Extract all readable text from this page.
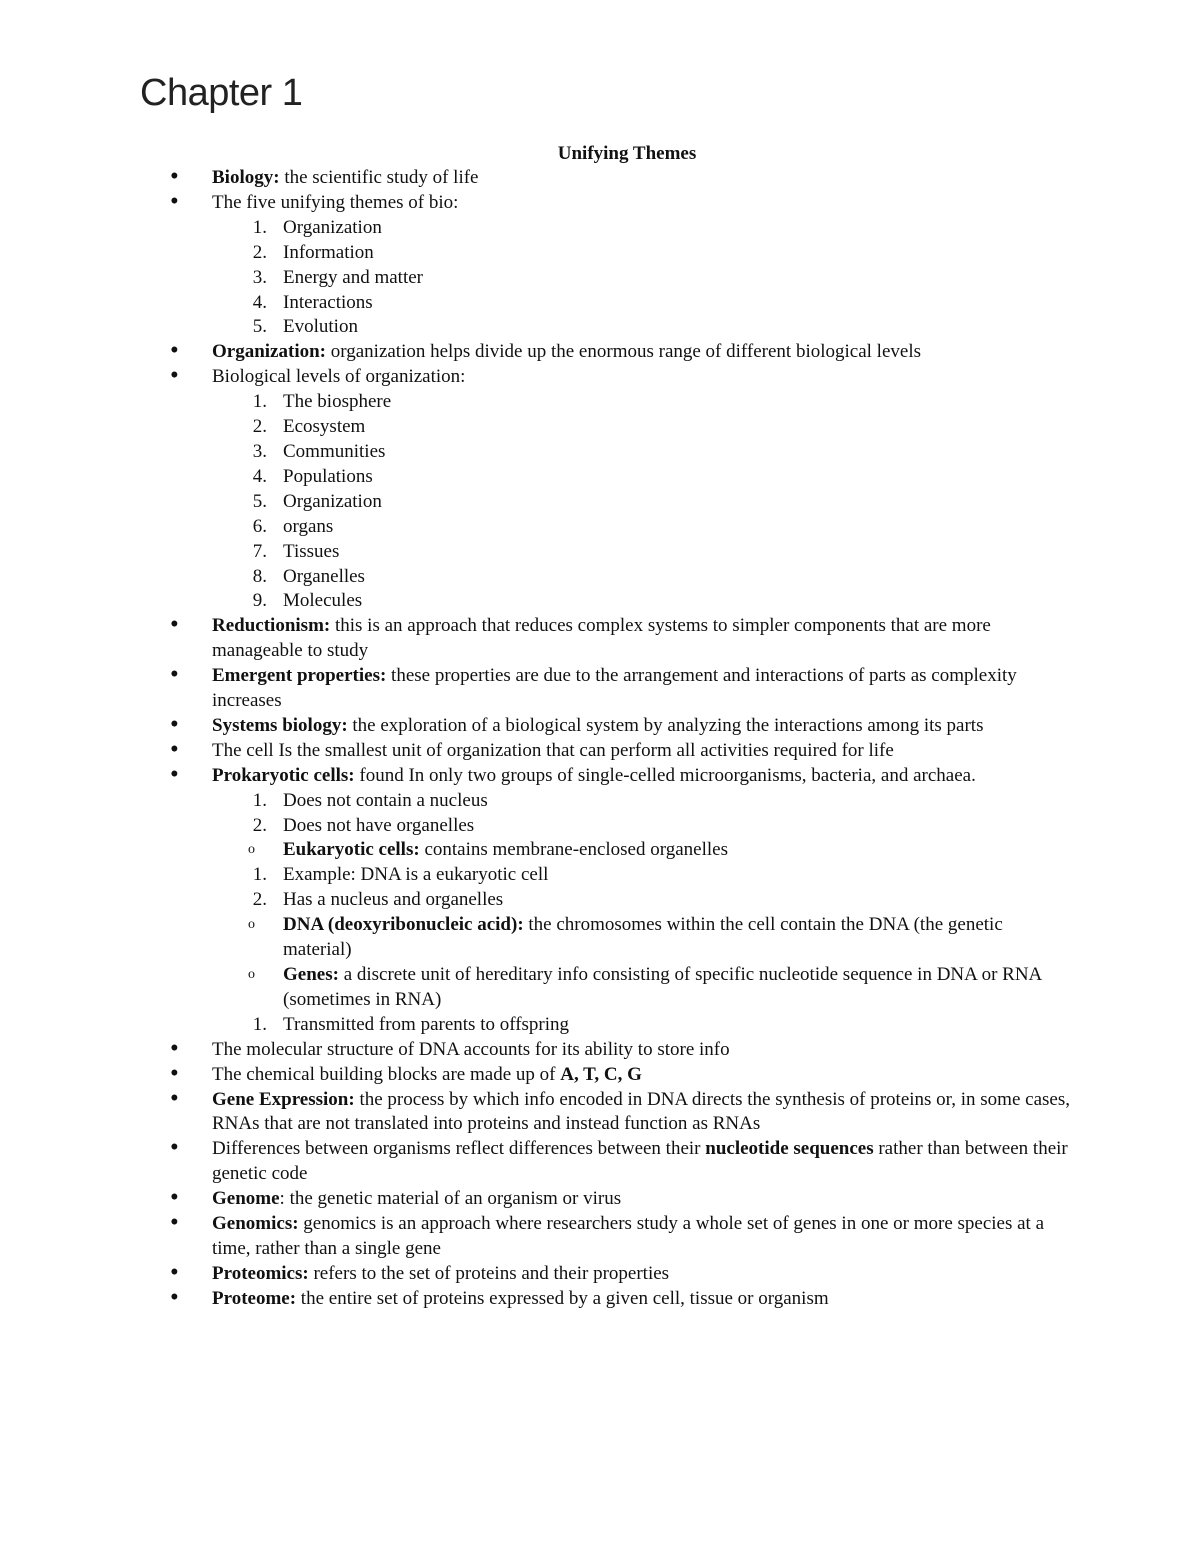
Chapter 1
Unifying Themes
• Biology: the scientific study of life
• The five unifying themes of bio:
1. Organization
2. Information
3. Energy and matter
4. Interactions
5. Evolution
• Organization: organization helps divide up the enormous range of different biological levels
• Biological levels of organization:
1. The biosphere
2. Ecosystem
3. Communities
4. Populations
5. Organization
6. organs
7. Tissues
8. Organelles
9. Molecules
• Reductionism: this is an approach that reduces complex systems to simpler components that are more manageable to study
• Emergent properties: these properties are due to the arrangement and interactions of parts as complexity increases
• Systems biology: the exploration of a biological system by analyzing the interactions among its parts
• The cell Is the smallest unit of organization that can perform all activities required for life
• Prokaryotic cells: found In only two groups of single-celled microorganisms, bacteria, and archaea.
1. Does not contain a nucleus
2. Does not have organelles
o Eukaryotic cells: contains membrane-enclosed organelles
1. Example: DNA is a eukaryotic cell
2. Has a nucleus and organelles
o DNA (deoxyribonucleic acid): the chromosomes within the cell contain the DNA (the genetic material)
o Genes: a discrete unit of hereditary info consisting of specific nucleotide sequence in DNA or RNA (sometimes in RNA)
1. Transmitted from parents to offspring
• The molecular structure of DNA accounts for its ability to store info
• The chemical building blocks are made up of A, T, C, G
• Gene Expression: the process by which info encoded in DNA directs the synthesis of proteins or, in some cases, RNAs that are not translated into proteins and instead function as RNAs
• Differences between organisms reflect differences between their nucleotide sequences rather than between their genetic code
• Genome: the genetic material of an organism or virus
• Genomics: genomics is an approach where researchers study a whole set of genes in one or more species at a time, rather than a single gene
• Proteomics: refers to the set of proteins and their properties
• Proteome: the entire set of proteins expressed by a given cell, tissue or organism
